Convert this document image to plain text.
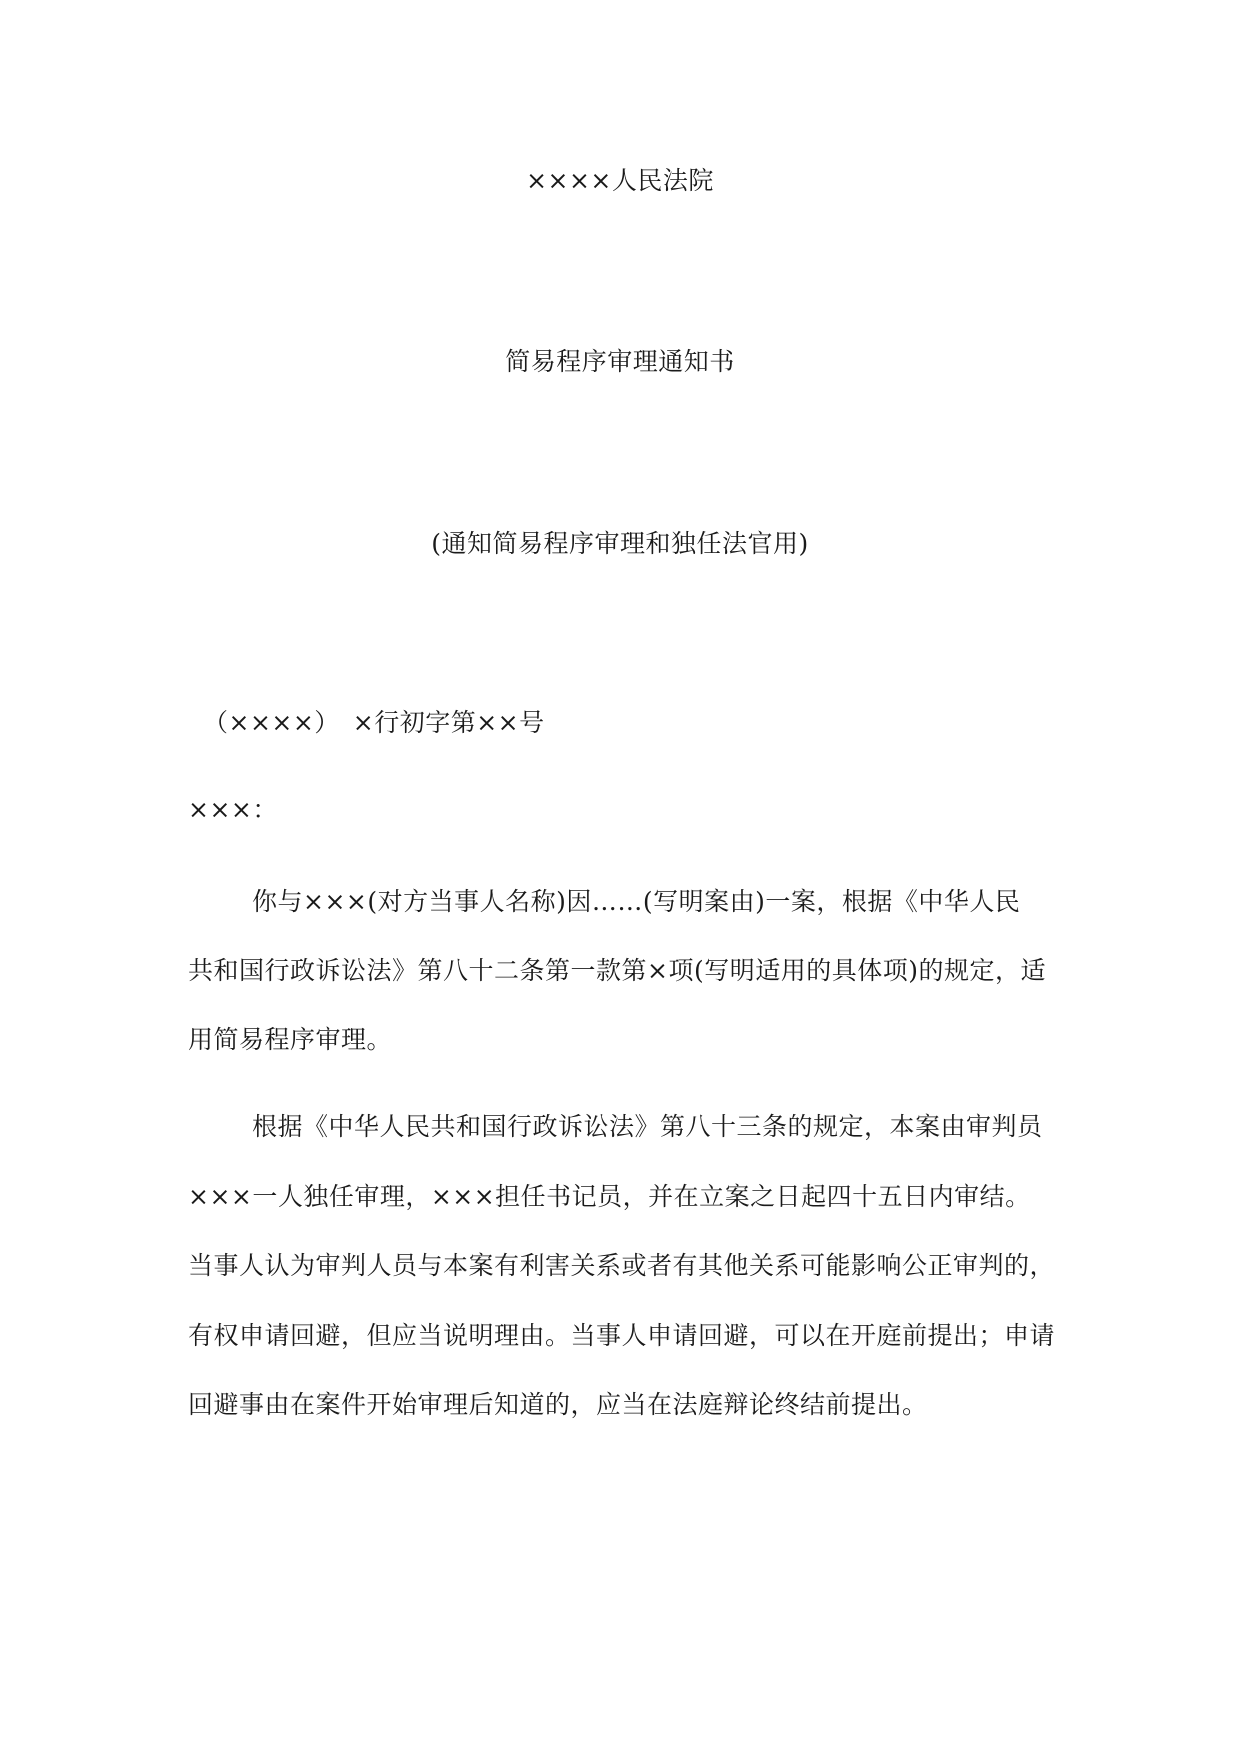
××××人民法院
简易程序审理通知书
(通知简易程序审理和独任法官用)
（××××）　×行初字第××号
×××：
你与×××(对方当事人名称)因……(写明案由)一案，根据《中华人民
共和国行政诉讼法》第八十二条第一款第×项(写明适用的具体项)的规定，适
用简易程序审理。
根据《中华人民共和国行政诉讼法》第八十三条的规定，本案由审判员
×××一人独任审理，×××担任书记员，并在立案之日起四十五日内审结。
当事人认为审判人员与本案有利害关系或者有其他关系可能影响公正审判的，
有权申请回避，但应当说明理由。当事人申请回避，可以在开庭前提出；申请
回避事由在案件开始审理后知道的，应当在法庭辩论终结前提出。
